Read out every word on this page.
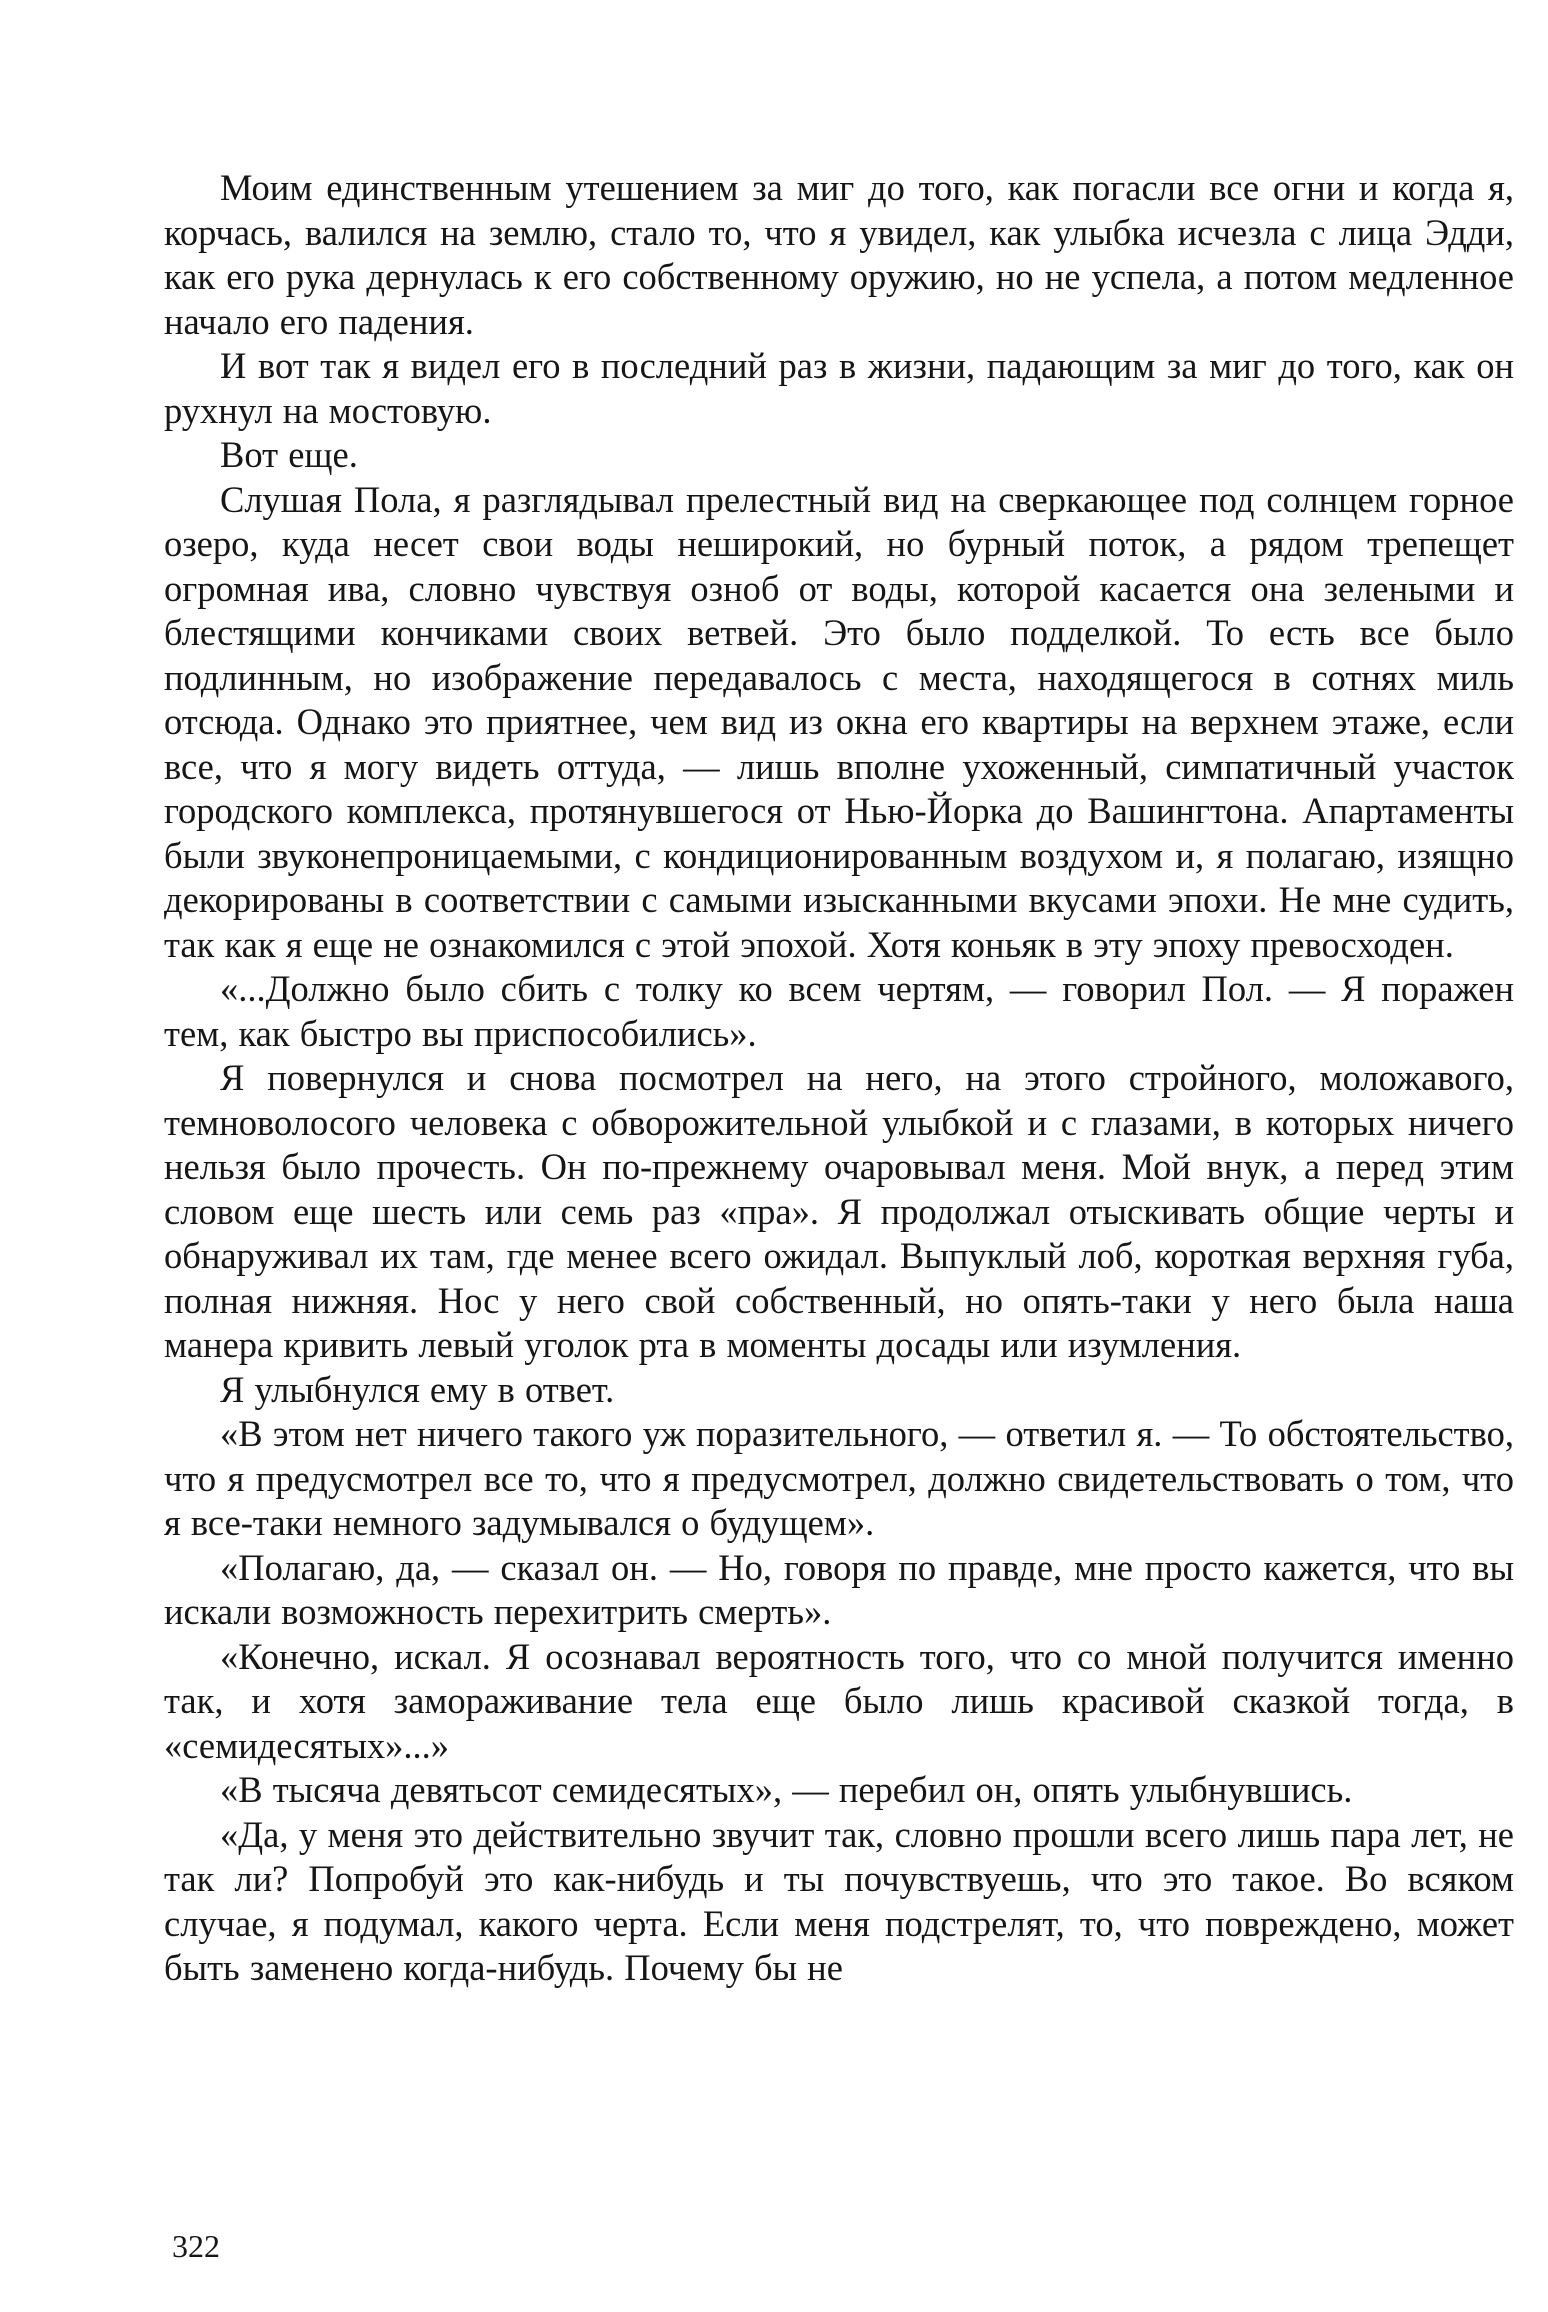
Моим единственным утешением за миг до того, как погасли все огни и когда я, корчась, валился на землю, стало то, что я увидел, как улыбка исчезла с лица Эдди, как его рука дернулась к его собственному оружию, но не успела, а потом медленное начало его падения.

И вот так я видел его в последний раз в жизни, падающим за миг до того, как он рухнул на мостовую.

Вот еще.

Слушая Пола, я разглядывал прелестный вид на сверкающее под солнцем горное озеро, куда несет свои воды неширокий, но бурный поток, а рядом трепещет огромная ива, словно чувствуя озноб от воды, которой касается она зелеными и блестящими кончиками своих ветвей. Это было подделкой. То есть все было подлинным, но изображение передавалось с места, находящегося в сотнях миль отсюда. Однако это приятнее, чем вид из окна его квартиры на верхнем этаже, если все, что я могу видеть оттуда, — лишь вполне ухоженный, симпатичный участок городского комплекса, протянувшегося от Нью-Йорка до Вашингтона. Апартаменты были звуконепроницаемыми, с кондиционированным воздухом и, я полагаю, изящно декорированы в соответствии с самыми изысканными вкусами эпохи. Не мне судить, так как я еще не ознакомился с этой эпохой. Хотя коньяк в эту эпоху превосходен.

«...Должно было сбить с толку ко всем чертям, — говорил Пол. — Я поражен тем, как быстро вы приспособились».

Я повернулся и снова посмотрел на него, на этого стройного, моложавого, темноволосого человека с обворожительной улыбкой и с глазами, в которых ничего нельзя было прочесть. Он по-прежнему очаровывал меня. Мой внук, а перед этим словом еще шесть или семь раз «пра». Я продолжал отыскивать общие черты и обнаруживал их там, где менее всего ожидал. Выпуклый лоб, короткая верхняя губа, полная нижняя. Нос у него свой собственный, но опять-таки у него была наша манера кривить левый уголок рта в моменты досады или изумления.

Я улыбнулся ему в ответ.

«В этом нет ничего такого уж поразительного, — ответил я. — То обстоятельство, что я предусмотрел все то, что я предусмотрел, должно свидетельствовать о том, что я все-таки немного задумывался о будущем».

«Полагаю, да, — сказал он. — Но, говоря по правде, мне просто кажется, что вы искали возможность перехитрить смерть».

«Конечно, искал. Я осознавал вероятность того, что со мной получится именно так, и хотя замораживание тела еще было лишь красивой сказкой тогда, в «семидесятых»...»

«В тысяча девятьсот семидесятых», — перебил он, опять улыбнувшись.

«Да, у меня это действительно звучит так, словно прошли всего лишь пара лет, не так ли? Попробуй это как-нибудь и ты почувствуешь, что это такое. Во всяком случае, я подумал, какого черта. Если меня подстрелят, то, что повреждено, может быть заменено когда-нибудь. Почему бы не

322
